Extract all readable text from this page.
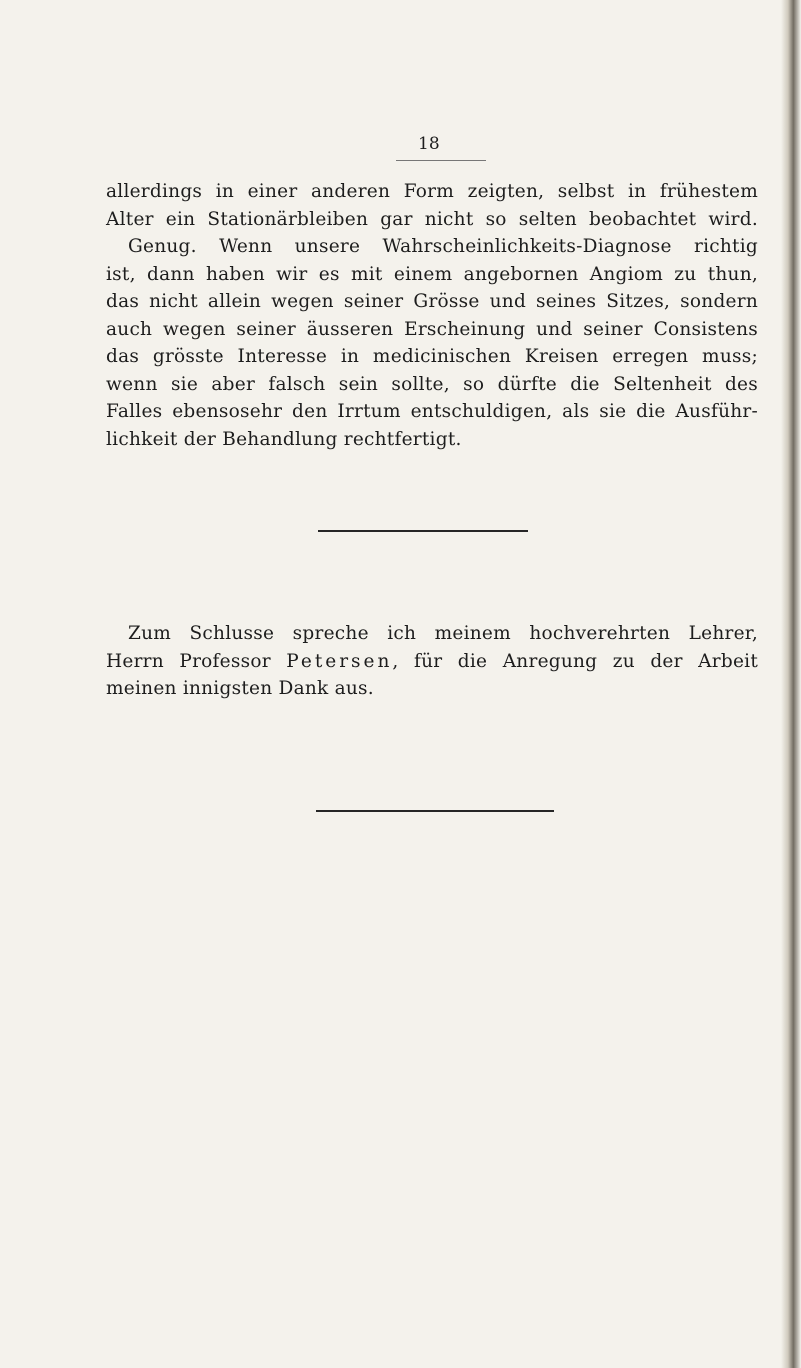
18

allerdings in einer anderen Form zeigten, selbst in frühestem
Alter ein Stationärbleiben gar nicht so selten beobachtet wird.
Genug. Wenn unsere Wahrscheinlichkeits-Diagnose richtig
ist, dann haben wir es mit einem angebornen Angiom zu thun,
das nicht allein wegen seiner Grösse und seines Sitzes, sondern
auch wegen seiner äusseren Erscheinung und seiner Consistens
das grösste Interesse in medicinischen Kreisen erregen muss;
wenn sie aber falsch sein sollte, so dürfte die Seltenheit des
Falles ebensosehr den Irrtum entschuldigen, als sie die Ausführ-
lichkeit der Behandlung rechtfertigt.

Zum Schlusse spreche ich meinem hochverehrten Lehrer,
Herrn Professor Petersen, für die Anregung zu der Arbeit
meinen innigsten Dank aus.
